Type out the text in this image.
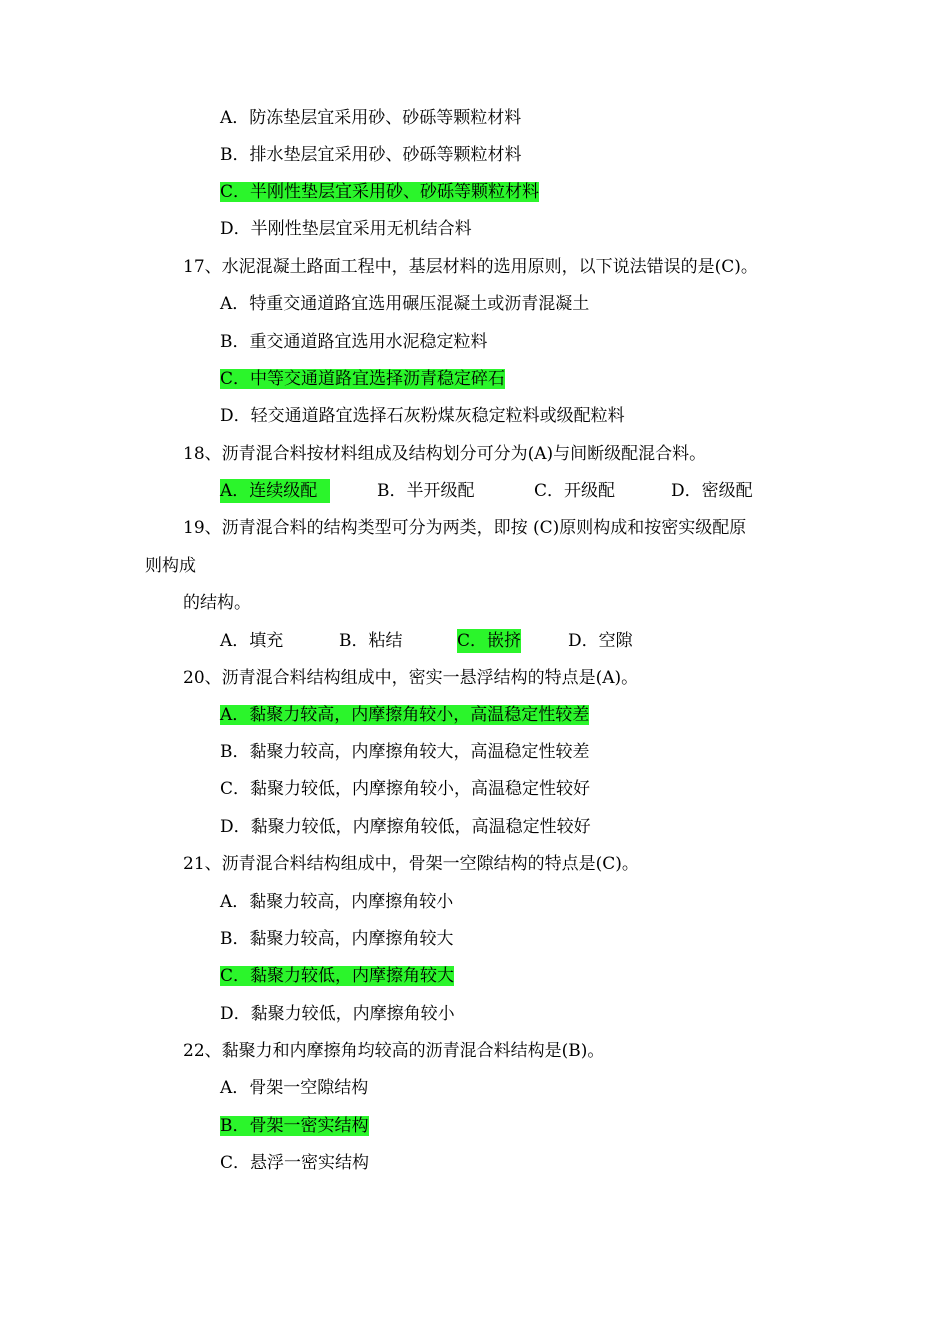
A．防冻垫层宜采用砂、砂砾等颗粒材料
B．排水垫层宜采用砂、砂砾等颗粒材料
C．半刚性垫层宜采用砂、砂砾等颗粒材料
D．半刚性垫层宜采用无机结合料
17、水泥混凝土路面工程中，基层材料的选用原则，以下说法错误的是(C)。
A．特重交通道路宜选用碾压混凝土或沥青混凝土
B．重交通道路宜选用水泥稳定粒料
C．中等交通道路宜选择沥青稳定碎石
D．轻交通道路宜选择石灰粉煤灰稳定粒料或级配粒料
18、沥青混合料按材料组成及结构划分可分为(A)与间断级配混合料。
A．连续级配	B．半开级配	C．开级配	D．密级配
19、沥青混合料的结构类型可分为两类，即按 (C)原则构成和按密实级配原
则构成
的结构。
A．填充	B．粘结	C．嵌挤	D．空隙
20、沥青混合料结构组成中，密实一悬浮结构的特点是(A)。
A．黏聚力较高，内摩擦角较小，高温稳定性较差
B．黏聚力较高，内摩擦角较大，高温稳定性较差
C．黏聚力较低，内摩擦角较小，高温稳定性较好
D．黏聚力较低，内摩擦角较低，高温稳定性较好
21、沥青混合料结构组成中，骨架一空隙结构的特点是(C)。
A．黏聚力较高，内摩擦角较小
B．黏聚力较高，内摩擦角较大
C．黏聚力较低，内摩擦角较大
D．黏聚力较低，内摩擦角较小
22、黏聚力和内摩擦角均较高的沥青混合料结构是(B)。
A．骨架一空隙结构
B．骨架一密实结构
C．悬浮一密实结构
